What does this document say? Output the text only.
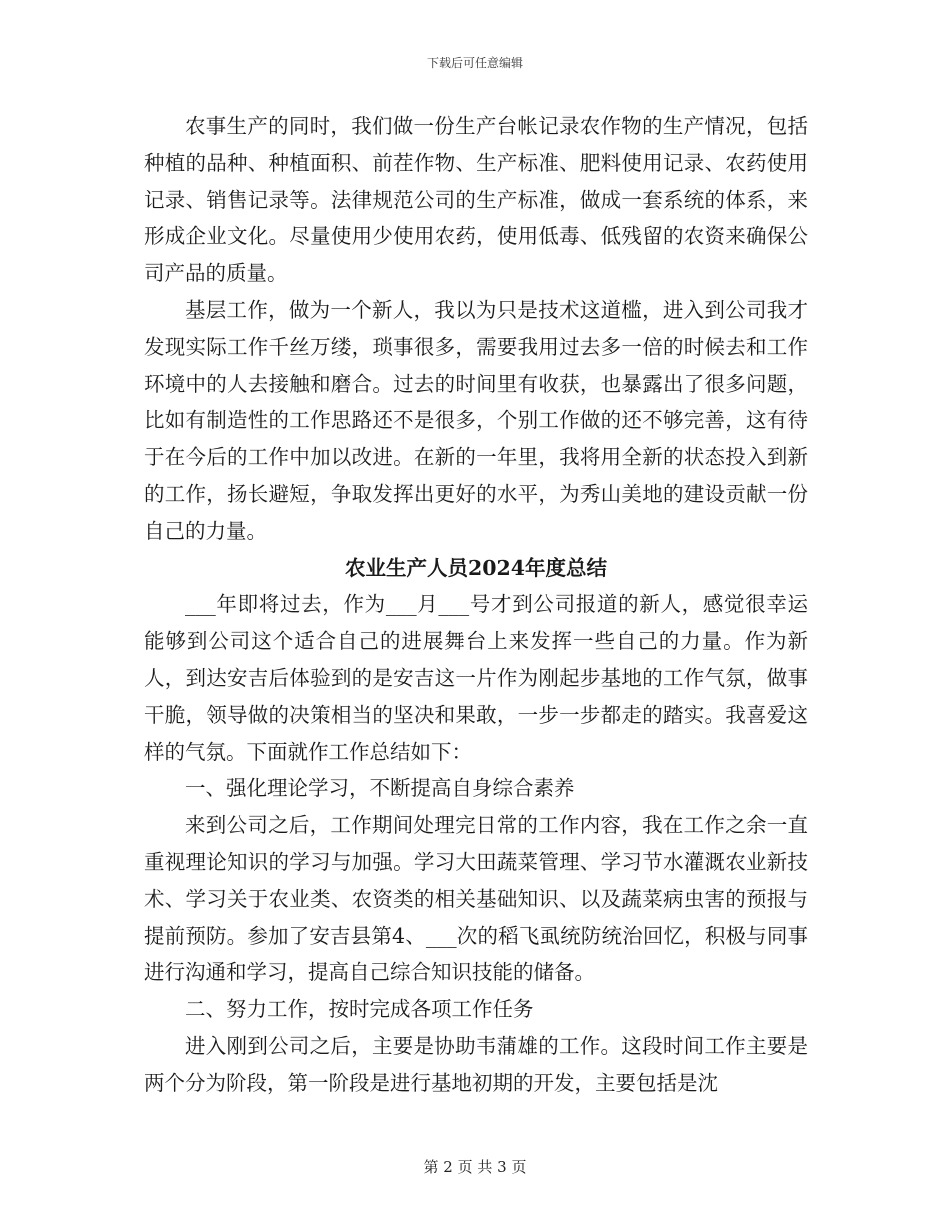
下载后可任意编辑

农事生产的同时，我们做一份生产台帐记录农作物的生产情况，包括种植的品种、种植面积、前茬作物、生产标准、肥料使用记录、农药使用记录、销售记录等。法律规范公司的生产标准，做成一套系统的体系，来形成企业文化。尽量使用少使用农药，使用低毒、低残留的农资来确保公司产品的质量。

基层工作，做为一个新人，我以为只是技术这道槛，进入到公司我才发现实际工作千丝万缕，琐事很多，需要我用过去多一倍的时候去和工作环境中的人去接触和磨合。过去的时间里有收获，也暴露出了很多问题，比如有制造性的工作思路还不是很多，个别工作做的还不够完善，这有待于在今后的工作中加以改进。在新的一年里，我将用全新的状态投入到新的工作，扬长避短，争取发挥出更好的水平，为秀山美地的建设贡献一份自己的力量。

农业生产人员2024年度总结

___年即将过去，作为___月___号才到公司报道的新人，感觉很幸运能够到公司这个适合自己的进展舞台上来发挥一些自己的力量。作为新人，到达安吉后体验到的是安吉这一片作为刚起步基地的工作气氛，做事干脆，领导做的决策相当的坚决和果敢，一步一步都走的踏实。我喜爱这样的气氛。下面就作工作总结如下：

一、强化理论学习，不断提高自身综合素养

来到公司之后，工作期间处理完日常的工作内容，我在工作之余一直重视理论知识的学习与加强。学习大田蔬菜管理、学习节水灌溉农业新技术、学习关于农业类、农资类的相关基础知识、以及蔬菜病虫害的预报与提前预防。参加了安吉县第4、___次的稻飞虱统防统治回忆，积极与同事进行沟通和学习，提高自己综合知识技能的储备。

二、努力工作，按时完成各项工作任务

进入刚到公司之后，主要是协助韦蒲雄的工作。这段时间工作主要是两个分为阶段，第一阶段是进行基地初期的开发，主要包括是沈

第 2 页 共 3 页
